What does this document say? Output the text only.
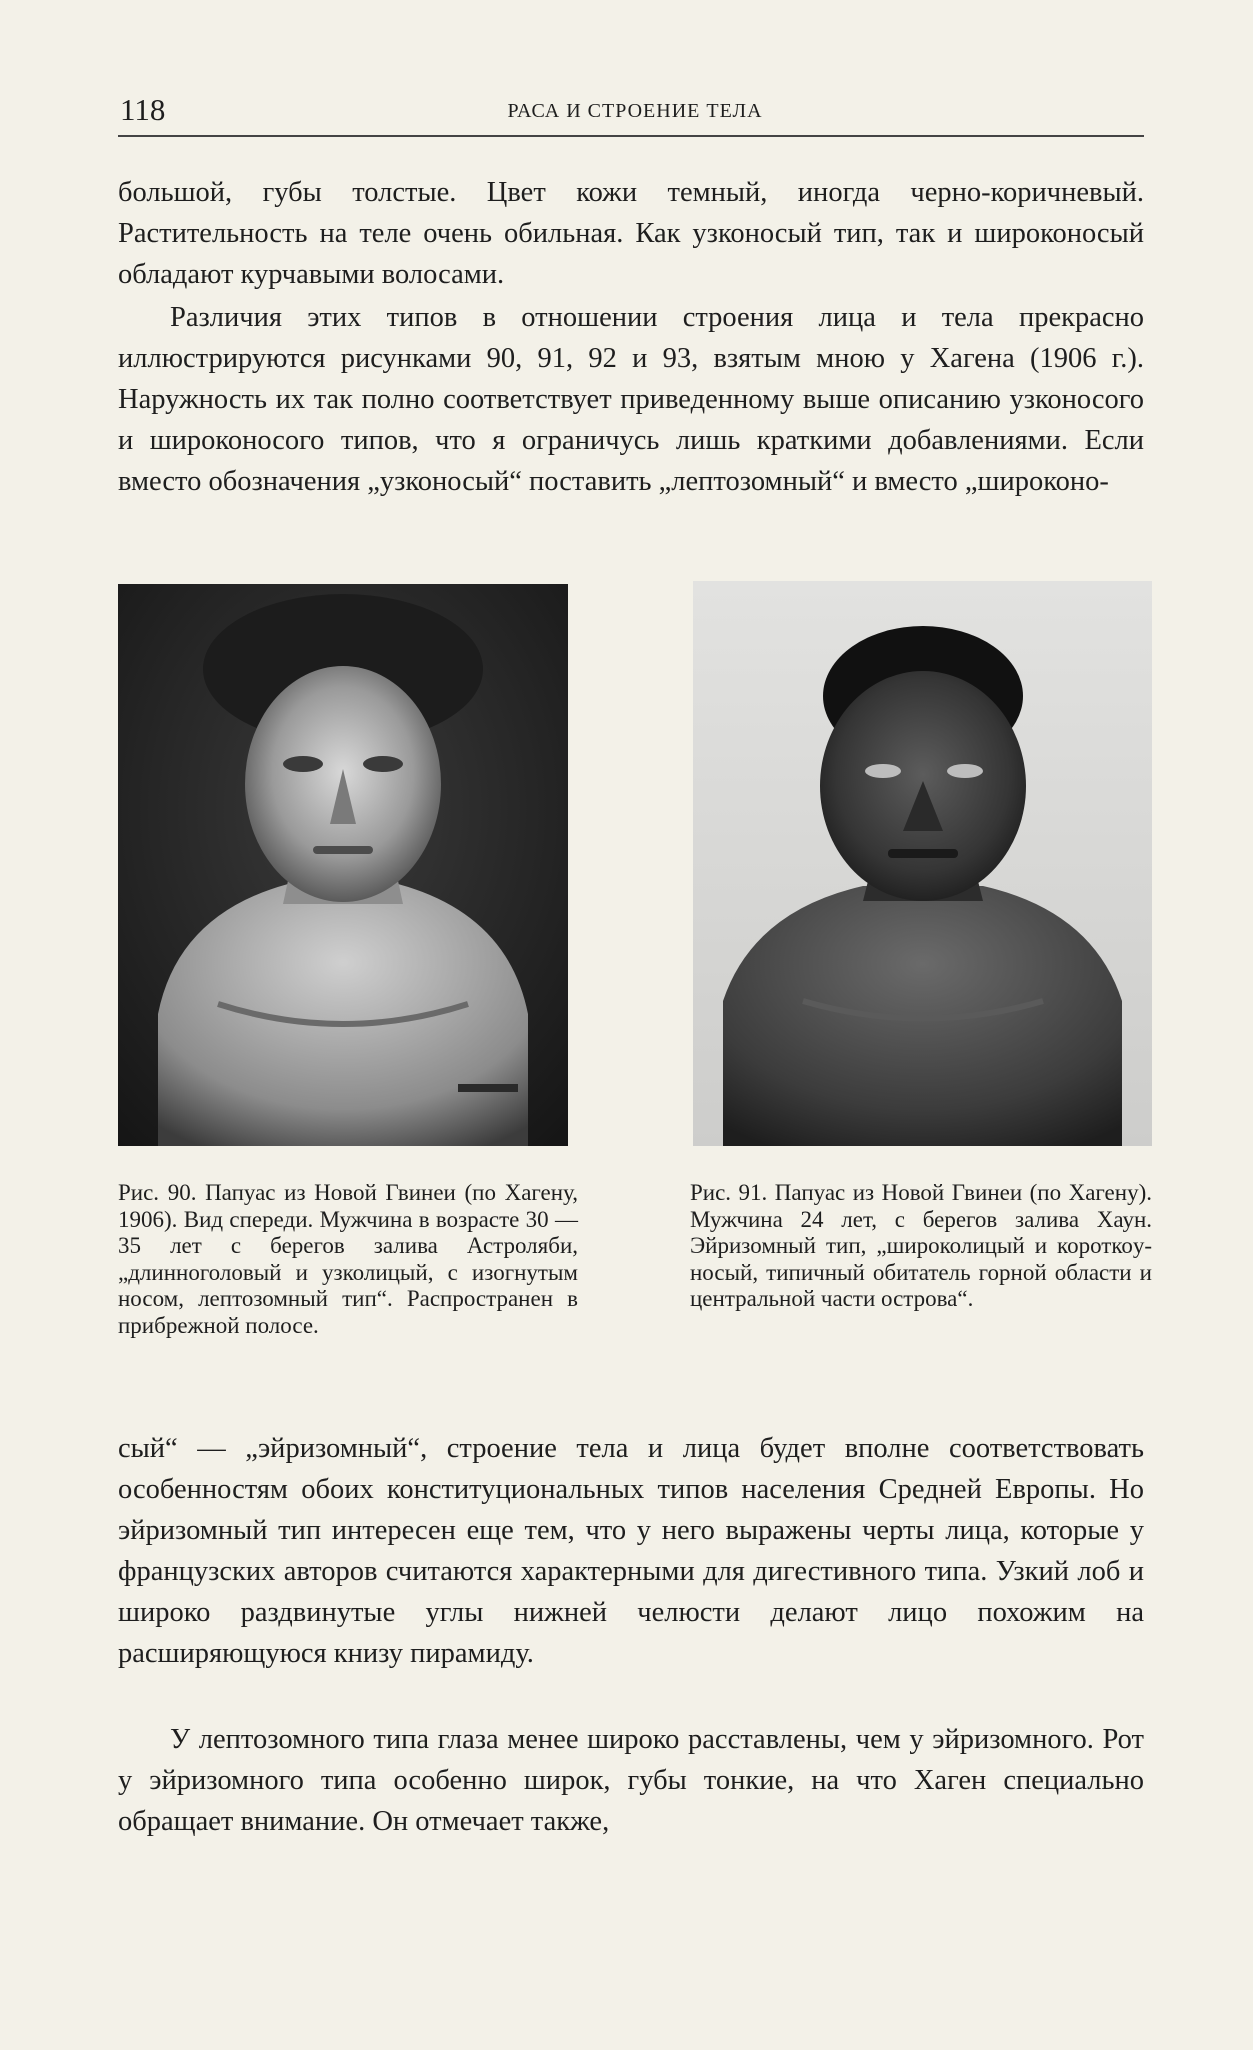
118	РАСА И СТРОЕНИЕ ТЕЛА

большой, губы толстые. Цвет кожи темный, иногда черно-коричневый. Растительность на теле очень обильная. Как узконосый тип, так и широконосый обладают курчавыми волосами.

Различия этих типов в отношении строения лица и тела прекрасно иллюстрируются рисунками 90, 91, 92 и 93, взятым мною у Хагена (1906 г.). Наружность их так полно соответствует приведенному выше описанию узконосого и широконосого типов, что я ограничусь лишь краткими добавлениями. Если вместо обозначения „узконосый“ поставить „лептозомный“ и вместо „широконо-

Рис. 90. Папуас из Новой Гвинеи (по Хагену, 1906). Вид спереди. Мужчина в возрасте 30 — 35 лет с берегов залива Астроляби, „длинноголовый и узколицый, с изогнутым носом, лептозомный тип“. Распространен в прибрежной полосе.

Рис. 91. Папуас из Новой Гвинеи (по Хагену). Мужчина 24 лет, с берегов залива Хаун. Эйризомный тип, „широколицый и короткоyносый, типичный обитатель горной области и центральной части острова“.

сый“ — „эйризомный“, строение тела и лица будет вполне соответствовать особенностям обоих конституциональных типов населения Средней Европы. Но эйризомный тип интересен еще тем, что у него выражены черты лица, которые у французских авторов считаются характерными для дигестивного типа. Узкий лоб и широко раздвинутые углы нижней челюсти делают лицо похожим на расширяющуюся книзу пирамиду.

У лептозомного типа глаза менее широко расставлены, чем у эйризомного. Рот у эйризомного типа особенно широк, губы тонкие, на что Хаген специально обращает внимание. Он отмечает также,
